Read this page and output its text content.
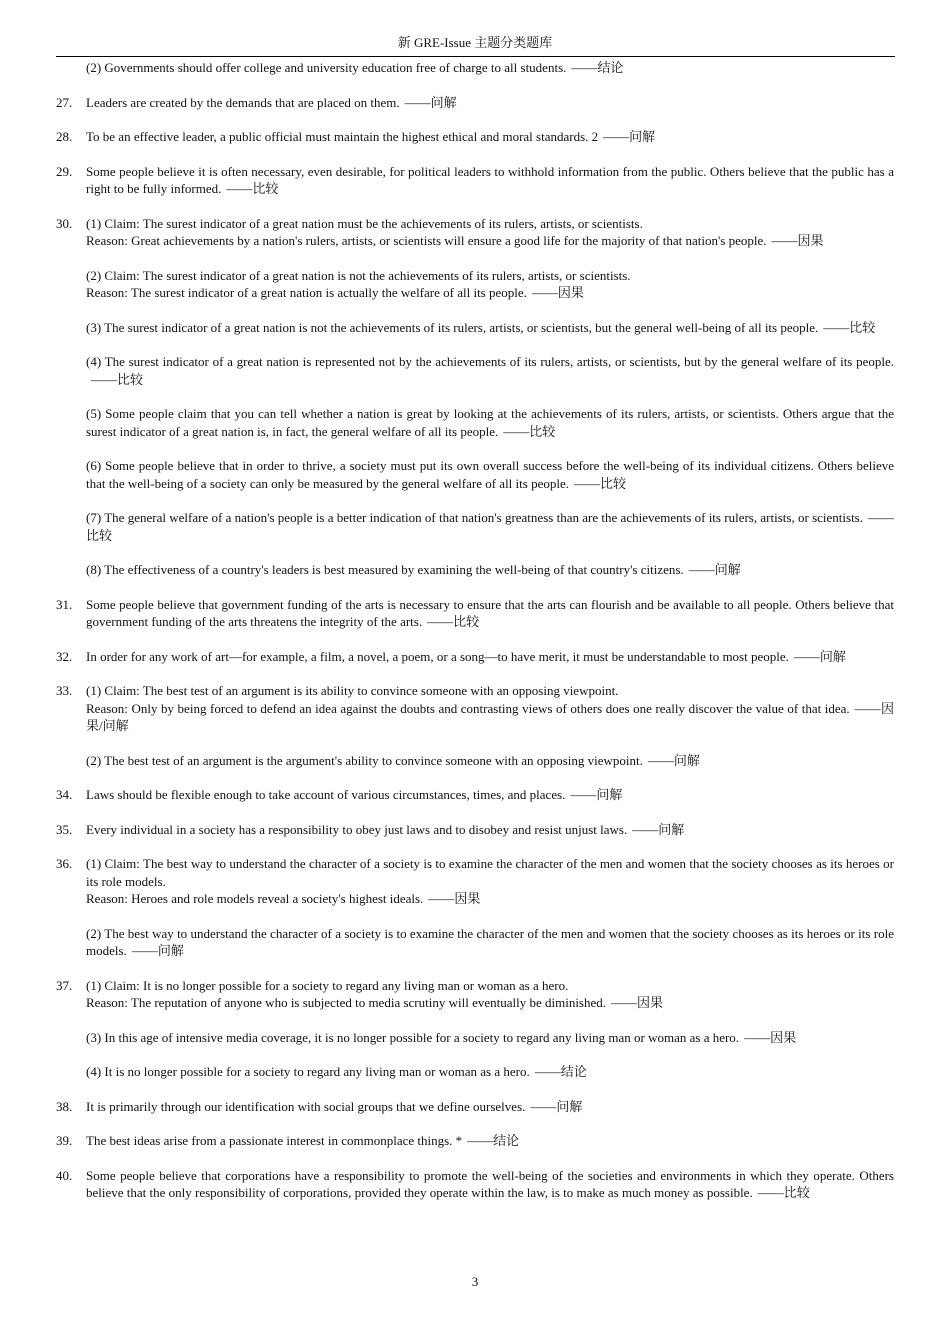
新 GRE-Issue 主题分类题库
(2) Governments should offer college and university education free of charge to all students. ——结论
27.	Leaders are created by the demands that are placed on them. ——问解
28.	To be an effective leader, a public official must maintain the highest ethical and moral standards. 2 ——问解
29.	Some people believe it is often necessary, even desirable, for political leaders to withhold information from the public. Others believe that the public has a right to be fully informed. ——比较
30.	(1) Claim: The surest indicator of a great nation must be the achievements of its rulers, artists, or scientists.
Reason: Great achievements by a nation's rulers, artists, or scientists will ensure a good life for the majority of that nation's people. ——因果
(2) Claim: The surest indicator of a great nation is not the achievements of its rulers, artists, or scientists.
Reason: The surest indicator of a great nation is actually the welfare of all its people. ——因果
(3) The surest indicator of a great nation is not the achievements of its rulers, artists, or scientists, but the general well-being of all its people. ——比较
(4) The surest indicator of a great nation is represented not by the achievements of its rulers, artists, or scientists, but by the general welfare of its people.——比较
(5) Some people claim that you can tell whether a nation is great by looking at the achievements of its rulers, artists, or scientists. Others argue that the surest indicator of a great nation is, in fact, the general welfare of all its people. ——比较
(6) Some people believe that in order to thrive, a society must put its own overall success before the well-being of its individual citizens. Others believe that the well-being of a society can only be measured by the general welfare of all its people. ——比较
(7) The general welfare of a nation's people is a better indication of that nation's greatness than are the achievements of its rulers, artists, or scientists. ——比较
(8) The effectiveness of a country's leaders is best measured by examining the well-being of that country's citizens. ——问解
31.	Some people believe that government funding of the arts is necessary to ensure that the arts can flourish and be available to all people. Others believe that government funding of the arts threatens the integrity of the arts. ——比较
32.	In order for any work of art—for example, a film, a novel, a poem, or a song—to have merit, it must be understandable to most people. ——问解
33.	(1) Claim: The best test of an argument is its ability to convince someone with an opposing viewpoint.
Reason: Only by being forced to defend an idea against the doubts and contrasting views of others does one really discover the value of that idea. ——因果/问解
(2) The best test of an argument is the argument's ability to convince someone with an opposing viewpoint. ——问解
34.	Laws should be flexible enough to take account of various circumstances, times, and places. ——问解
35.	Every individual in a society has a responsibility to obey just laws and to disobey and resist unjust laws. ——问解
36.	(1) Claim: The best way to understand the character of a society is to examine the character of the men and women that the society chooses as its heroes or its role models.
Reason: Heroes and role models reveal a society's highest ideals. ——因果
(2) The best way to understand the character of a society is to examine the character of the men and women that the society chooses as its heroes or its role models. ——问解
37.	(1) Claim: It is no longer possible for a society to regard any living man or woman as a hero.
Reason: The reputation of anyone who is subjected to media scrutiny will eventually be diminished. ——因果
(3) In this age of intensive media coverage, it is no longer possible for a society to regard any living man or woman as a hero. ——因果
(4) It is no longer possible for a society to regard any living man or woman as a hero. ——结论
38.	It is primarily through our identification with social groups that we define ourselves. ——问解
39.	The best ideas arise from a passionate interest in commonplace things. * ——结论
40.	Some people believe that corporations have a responsibility to promote the well-being of the societies and environments in which they operate. Others believe that the only responsibility of corporations, provided they operate within the law, is to make as much money as possible. ——比较
3
